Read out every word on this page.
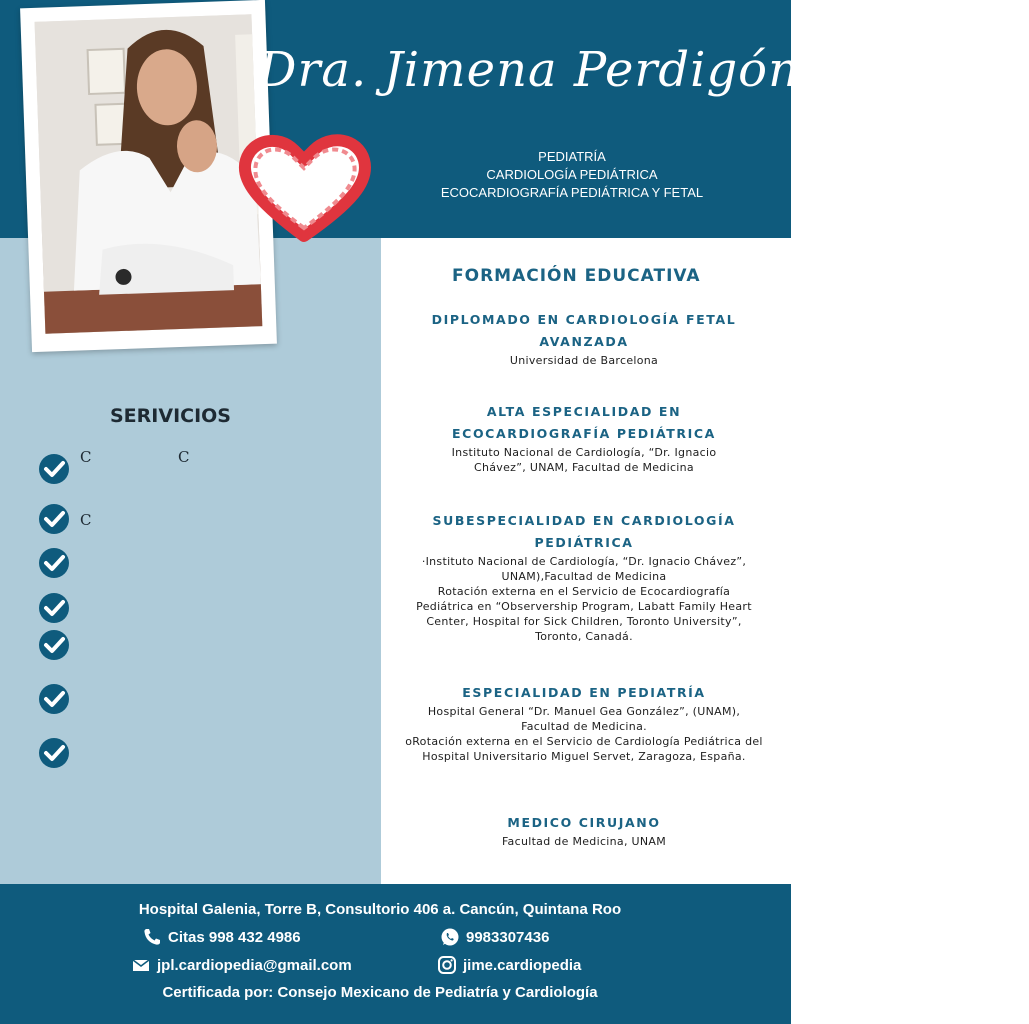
Dra. Jimena Perdigón Lagunes
PEDIATRÍA
CARDIOLOGÍA PEDIÁTRICA
ECOCARDIOGRAFÍA PEDIÁTRICA Y FETAL
SERIVICIOS
C	C
C
FORMACIÓN EDUCATIVA
DIPLOMADO EN CARDIOLOGÍA FETAL AVANZADA
Universidad de Barcelona
ALTA ESPECIALIDAD EN ECOCARDIOGRAFÍA PEDIÁTRICA
Instituto Nacional de Cardiología, “Dr. Ignacio Chávez”, UNAM, Facultad de Medicina
SUBESPECIALIDAD EN CARDIOLOGÍA PEDIÁTRICA
·Instituto Nacional de Cardiología, “Dr. Ignacio Chávez”, UNAM),Facultad de Medicina
Rotación externa en el Servicio de Ecocardiografía Pediátrica en “Observership Program, Labatt Family Heart Center, Hospital for Sick Children, Toronto University”, Toronto, Canadá.
ESPECIALIDAD EN PEDIATRÍA
Hospital General “Dr. Manuel Gea González”, (UNAM), Facultad de Medicina.
oRotación externa en el Servicio de Cardiología Pediátrica del Hospital Universitario Miguel Servet, Zaragoza, España.
MEDICO CIRUJANO
Facultad de Medicina, UNAM
Hospital Galenia, Torre B, Consultorio 406 a. Cancún, Quintana Roo
Citas 998 432 4986	9983307436
jpl.cardiopedia@gmail.com	jime.cardiopedia
Certificada por: Consejo Mexicano de Pediatría y Cardiología
